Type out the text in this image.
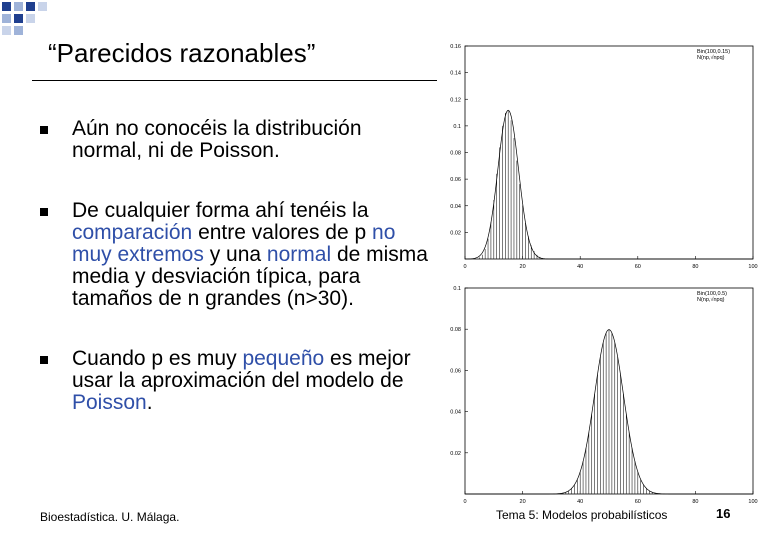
“Parecidos razonables”
Aún no conocéis la distribución normal, ni de Poisson.
De cualquier forma ahí tenéis la comparación entre valores de p no muy extremos y una normal de misma media y desviación típica, para tamaños de n grandes (n>30).
Cuando p es muy pequeño es mejor usar la aproximación del modelo de Poisson.
0.02
0.04
0.06
0.08
0.1
0.12
0.14
0.16
0	20	40	60	80	100
Bin(100,0.15)
N(np,√npq)
0.02
0.04
0.06
0.08
0.1
0	20	40	60	80	100
Bin(100,0.5)
N(np,√npq)
Bioestadística. U. Málaga.	Tema 5: Modelos probabilísticos	16
